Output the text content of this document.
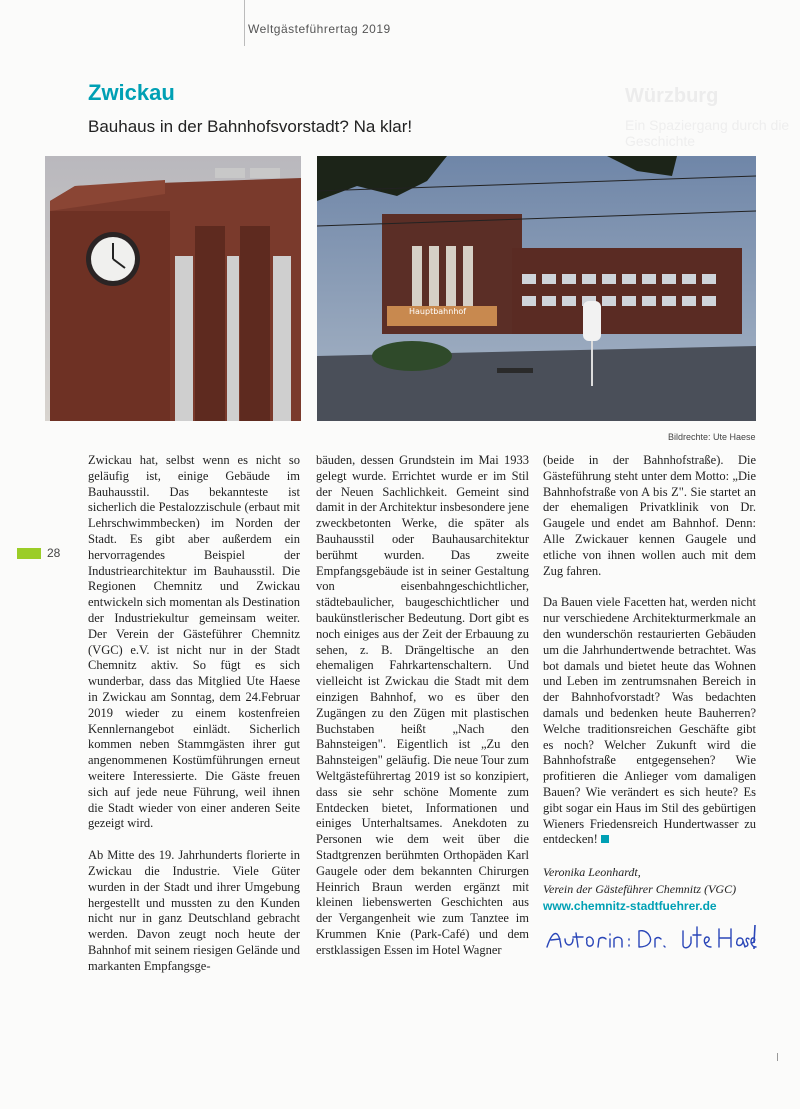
Weltgästeführertag 2019
Würzburg
Ein Spaziergang durch die Geschichte
Zwickau
Bauhaus in der Bahnhofsvorstadt? Na klar!
Hauptbahnhof
Bildrechte: Ute Haese
28

Zwickau hat, selbst wenn es nicht so geläufig ist, einige Gebäude im Bauhausstil. Das bekannteste ist sicherlich die Pestalozzischule (erbaut mit Lehrschwimmbecken) im Norden der Stadt. Es gibt aber außerdem ein hervorragendes Beispiel der Industriearchitektur im Bauhausstil. Die Regionen Chemnitz und Zwickau entwickeln sich momentan als Destination der Industriekultur gemeinsam weiter. Der Verein der Gästeführer Chemnitz (VGC) e.V. ist nicht nur in der Stadt Chemnitz aktiv. So fügt es sich wunderbar, dass das Mitglied Ute Haese in Zwickau am Sonntag, dem 24.Februar 2019 wieder zu einem kostenfreien Kennlernangebot einlädt. Sicherlich kommen neben Stammgästen ihrer gut angenommenen Kostümführungen erneut weitere Interessierte. Die Gäste freuen sich auf jede neue Führung, weil ihnen die Stadt wieder von einer anderen Seite gezeigt wird.

Ab Mitte des 19. Jahrhunderts florierte in Zwickau die Industrie. Viele Güter wurden in der Stadt und ihrer Umgebung hergestellt und mussten zu den Kunden nicht nur in ganz Deutschland gebracht werden. Davon zeugt noch heute der Bahnhof mit seinem riesigen Gelände und markanten Empfangsge-

bäuden, dessen Grundstein im Mai 1933 gelegt wurde. Errichtet wurde er im Stil der Neuen Sachlichkeit. Gemeint sind damit in der Architektur insbesondere jene zweckbetonten Werke, die später als Bauhausstil oder Bauhausarchitektur berühmt wurden. Das zweite Empfangsgebäude ist in seiner Gestaltung von eisenbahngeschichtlicher, städtebaulicher, baugeschichtlicher und baukünstlerischer Bedeutung. Dort gibt es noch einiges aus der Zeit der Erbauung zu sehen, z. B. Drängeltische an den ehemaligen Fahrkartenschaltern. Und vielleicht ist Zwickau die Stadt mit dem einzigen Bahnhof, wo es über den Zugängen zu den Zügen mit plastischen Buchstaben heißt „Nach den Bahnsteigen". Eigentlich ist „Zu den Bahnsteigen" geläufig. Die neue Tour zum Weltgästeführertag 2019 ist so konzipiert, dass sie sehr schöne Momente zum Entdecken bietet, Informationen und einiges Unterhaltsames. Anekdoten zu Personen wie dem weit über die Stadtgrenzen berühmten Orthopäden Karl Gaugele oder dem bekannten Chirurgen Heinrich Braun werden ergänzt mit kleinen liebenswerten Geschichten aus der Vergangenheit wie zum Tanztee im Krummen Knie (Park-Café) und dem erstklassigen Essen im Hotel Wagner

(beide in der Bahnhofstraße). Die Gästeführung steht unter dem Motto: „Die Bahnhofstraße von A bis Z". Sie startet an der ehemaligen Privatklinik von Dr. Gaugele und endet am Bahnhof. Denn: Alle Zwickauer kennen Gaugele und etliche von ihnen wollen auch mit dem Zug fahren.

Da Bauen viele Facetten hat, werden nicht nur verschiedene Architekturmerkmale an den wunderschön restaurierten Gebäuden um die Jahrhundertwende betrachtet. Was bot damals und bietet heute das Wohnen und Leben im zentrumsnahen Bereich in der Bahnhofvorstadt? Was bedachten damals und bedenken heute Bauherren? Welche traditionsreichen Geschäfte gibt es noch? Welcher Zukunft wird die Bahnhofstraße entgegensehen? Wie profitieren die Anlieger vom damaligen Bauen? Wie verändert es sich heute? Es gibt sogar ein Haus im Stil des gebürtigen Wieners Friedensreich Hundertwasser zu entdecken!

Veronika Leonhardt,
Verein der Gästeführer Chemnitz (VGC)
www.chemnitz-stadtfuehrer.de
